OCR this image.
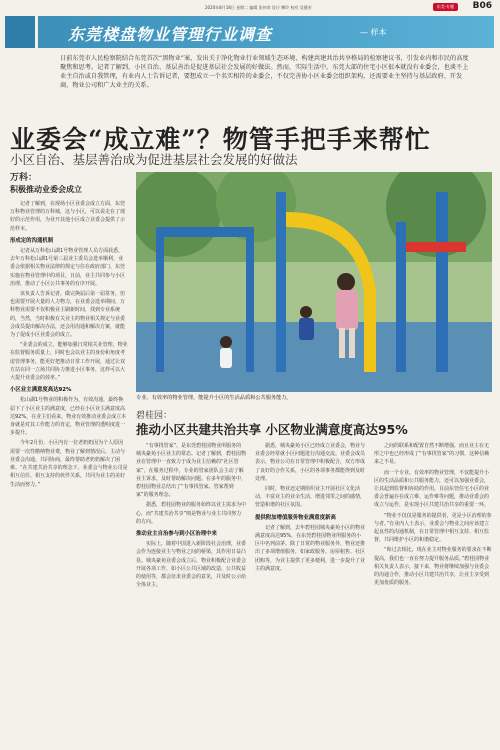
2020年8月18日 星期二 编辑 张伟荣 设计 攀玲 校对 吴健芳	东莞·专题	B06
东莞楼盘物业管理行业调查	— 样本
日前东莞市人民检察院结合东莞首次“黑物业”案，发出关于净化物业行业领域生态环境、构建共建共治共享格局的检察建议书，引发业内和市民的高度聚焦和思考。记者了解到，小区自治、基层善治是促进基层社会发展的好做法。然而，实际生活中，东莞大部的住宅小区很本就没有业委会，也谈不上业主自治或自我管理，有业内人士告诉记者，要想成立一个名实相符的业委会，不仅完善协小区业委会组织架构，还需要业主坚持与基层政府、开发商、物业公司和广大业主的关系。
业委会“成立难”？物管手把手来帮忙
小区自治、基层善治成为促进基层社会发展的好做法
万科：
积极推动业委会成立

记者了解到，在现场小区业委会成立方面，东莞万科物业管理的万科城，这与小区，可以说走在了现好的示范作用，为业开其他小区成立业委会提供了示范样本。

形成定的沟通机制

记者从万科松山湖1号物业管理人员方面获悉，去年万科松山湖1号第三届业主委员会选举顺利，业委会依据相关物业法律的规定与住在政府部门、东莞实施在物业管理中的项目，日前，业主共同参与小区治理，推动了小区公共事务的有序开展。

该负责人告诉记者，做完换届后第一届常务，但也需要开展大量的人力物力，在业委会选举期间，万科物业需要不仅积极业主刷新时间，找到专业系统的，当然，当时积极有关业主的物业相关规定与业委会成员提出解决办法，还会用沟通和解决方案，就能为了促成小区业委会的成立。

“业委会的成立，能够加强日常相关业管理，物业在监督服务质量上，同时也会以业主的身份和角度考虑管理事务，能更好把推动日常工作开展，通过让双方站在同一立场共同协力推进小区事务，这样可以大大提升业委会的效率。”

小区业主满意度高达92%

松山湖1号物业的积极作为，有效沟通，最终换届下了小区业主的满意度，已经在小区业主满意度高达92%，在业主们看来，物业有效推动业委会成立本身就是对其工作能力的肯定，物业管理的透明度进一步提升。

今年2月份，小区内有一位老奶奶因为个人原因需要一次性缴纳物业费，物业了解到情况后，主动与业委会沟通，共同协商，最终帮助老奶奶解决了困难。“在共建共治共享的理念下，业委会与物业公司是相互信任、相互支持的伙伴关系，共同为业主的美好生活而努力。”

专业、有效率的物业管理，能提升小区的生活品质和公共服务能力。
碧桂园：
推动小区共建共治共享 小区物业满意度高达95%

“有事找管家”，是东莞碧桂园物业所服务的城央豪苑小区业主的常态。记者了解到，碧桂园物业在管理中一直致力于成为业主信赖的“社区管家”，在服务过程中，专业的管家团队会主动了解业主诉求，及时帮助解决问题。在多年的服务中，碧桂园物业总结出了“有事找管家、管家帮到家”的服务理念。

据悉，碧桂园物业的服务始终以业主需求为中心，而“共建共治共享”则是物业与业主共同努力的方向。

推动业主自治参与到小区治理中来

实际上，随着中国进入新阶段社会治理，业委会作为连接业主与物业之间的桥梁，其作用日益凸显。城央豪苑业委会成立后，物业积极配合业委会开展各项工作，如小区公共区域的改造、公共收益的使用等，都会征求业委会的意见，并及时公示给全体业主。

据悉，城央豪苑小区已经成立业委会，物业与业委会经常就小区问题进行沟通交流。业委会成员表示，物业公司在日常管理中积极配合，双方形成了良好的合作关系，小区的各项事务都能得到及时处理。

同时，物业还定期组织业主开展社区文化活动，丰富业主的业余生活，增进邻里之间的感情，营造和谐的社区氛围。

提供附加增值服务物业满意度新高

记者了解到，去年碧桂园城央豪苑小区的物业满意度高达95%，在东莞碧桂园物业所服务的小区中名列前茅。除了日常的物业服务外，物业还推出了多项增值服务，如家政服务、房屋租售、社区团购等，为业主提供了更多便利，进一步提升了业主的满意度。

之间的联系和配置自然不断增强，而且业主在无形之中也已经形成了“有事找管家”的习惯，这种信赖来之不易。

而一个专业、有效率的物业管理，不仅能提升小区的生活品质和公共服务能力，还可以加强业委会，让其起到监督和协助的作用。目前东莞住宅小区的业委会普遍存在成立难、运作难等问题，推动业委会的成立与运作，是实现小区共建共治共享的重要一环。

“物业不仅仅是服务的提供者，更是小区治理的参与者。”有业内人士表示，业委会与物业之间应该建立起良性的沟通机制，在日常管理中相互支持、相互监督，共同维护小区的和谐稳定。

“和过去相比，现在业主对物业服务的要求在不断提高，我们也一直在努力提升服务品质。”碧桂园物业相关负责人表示，接下来，物业将继续加强与业委会的沟通合作，推动小区共建共治共享，让业主享受到更加优质的服务。
